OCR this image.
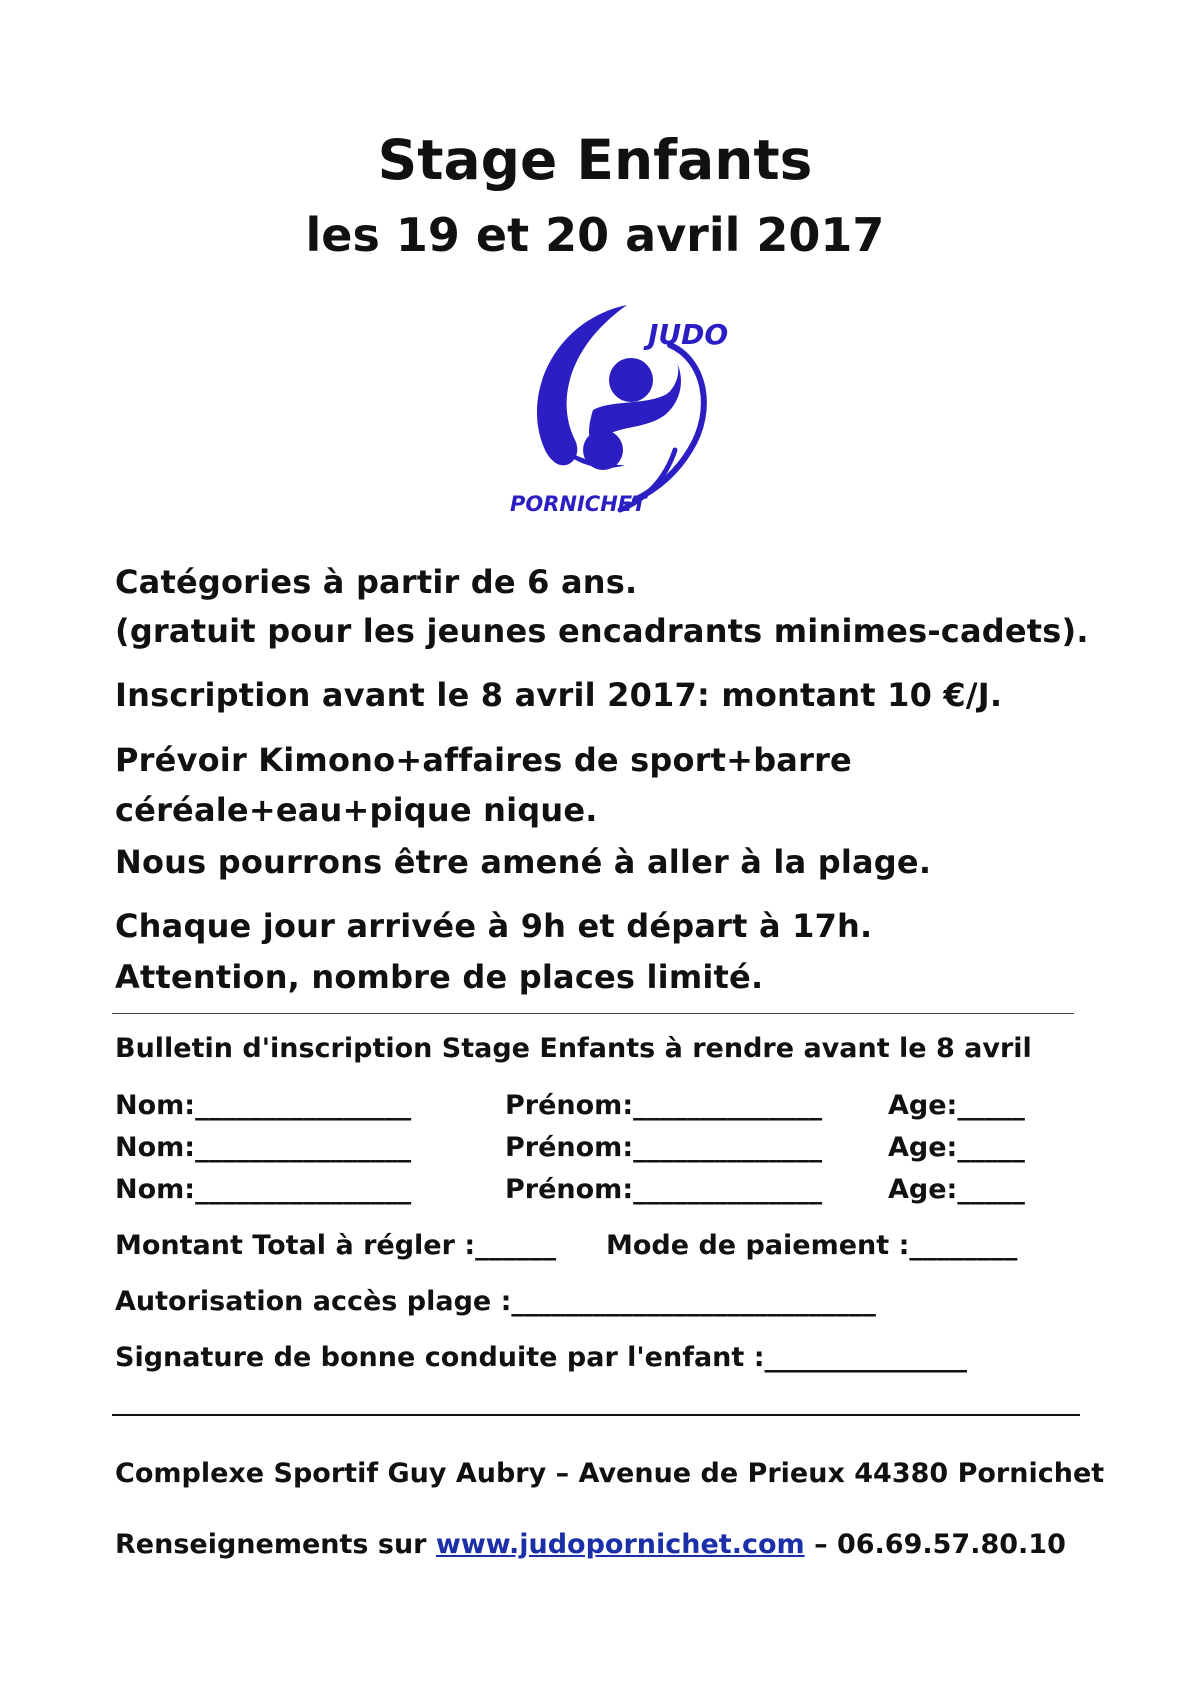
Stage Enfants
les 19 et 20 avril 2017
JUDO
PORNICHET
Catégories à partir de 6 ans.
(gratuit pour les jeunes encadrants minimes-cadets).
Inscription avant le 8 avril 2017: montant 10 €/J.
Prévoir Kimono+affaires de sport+barre
céréale+eau+pique nique.
Nous pourrons être amené à aller à la plage.
Chaque jour arrivée à 9h et départ à 17h.
Attention, nombre de places limité.
Bulletin d'inscription Stage Enfants à rendre avant le 8 avril
Nom:________________	Prénom:______________ Age:_____
Nom:________________	Prénom:______________ Age:_____
Nom:________________	Prénom:______________ Age:_____
Montant Total à régler :______ Mode de paiement :________
Autorisation accès plage :___________________________
Signature de bonne conduite par l'enfant :_______________
Complexe Sportif Guy Aubry – Avenue de Prieux 44380 Pornichet
Renseignements sur www.judopornichet.com – 06.69.57.80.10
